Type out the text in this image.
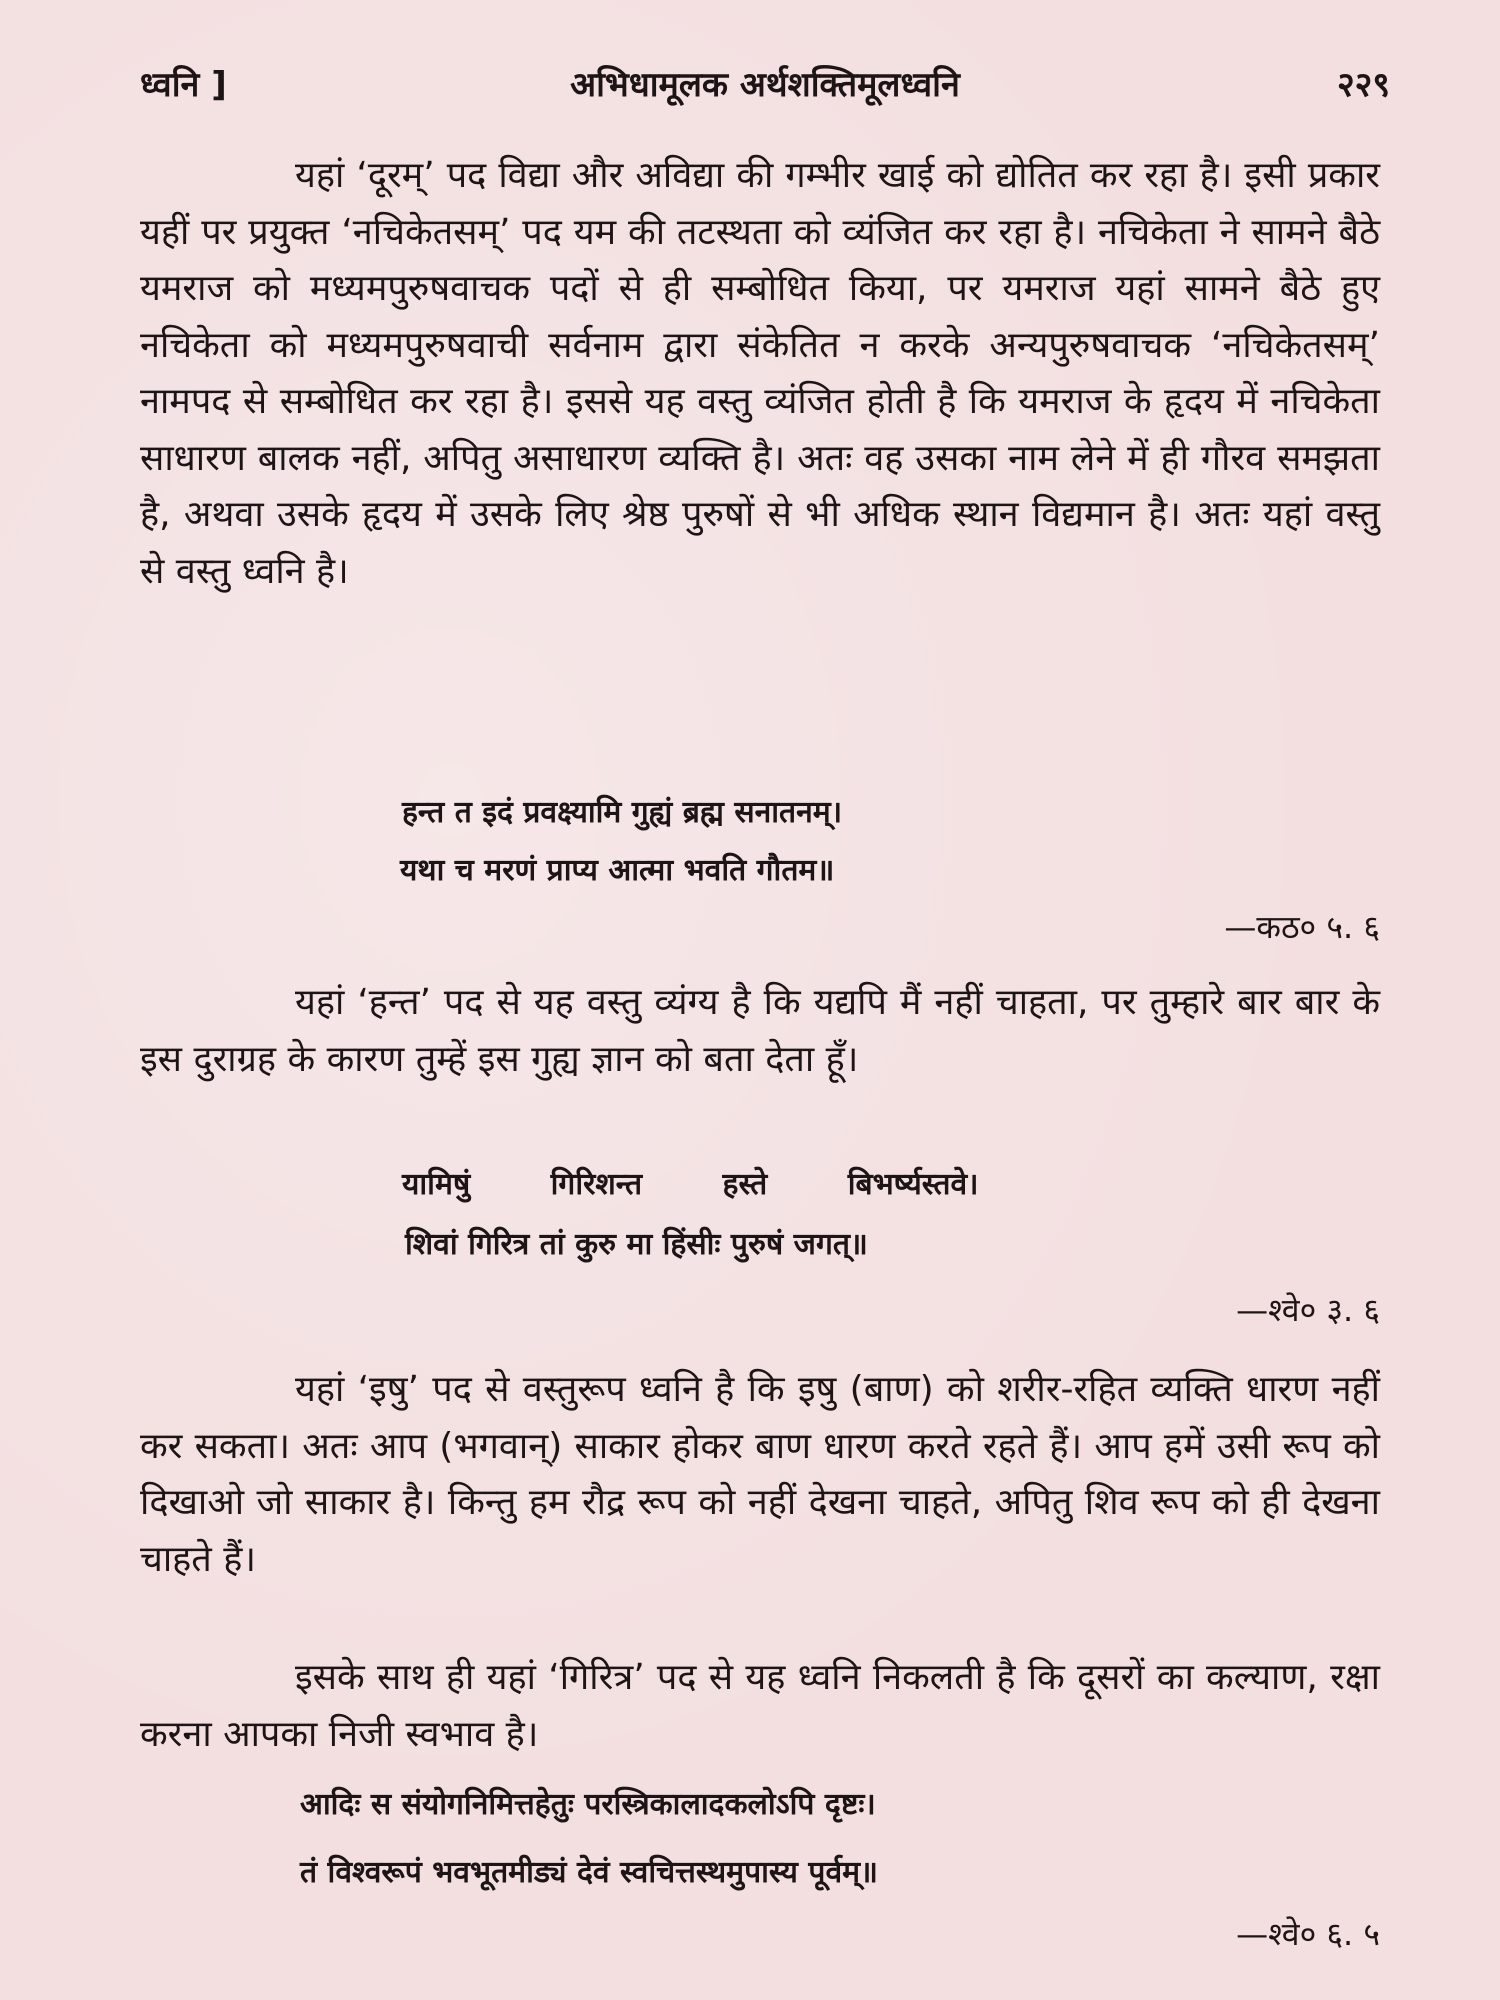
ध्वनि ]	अभिधामूलक अर्थशक्तिमूलध्वनि	२२९

यहां ‘दूरम्’ पद विद्या और अविद्या की गम्भीर खाई को द्योतित कर रहा है। इसी प्रकार यहीं पर प्रयुक्त ‘नचिकेतसम्’ पद यम की तटस्थता को व्यंजित कर रहा है। नचिकेता ने सामने बैठे यमराज को मध्यमपुरुषवाचक पदों से ही सम्बोधित किया, पर यमराज यहां सामने बैठे हुए नचिकेता को मध्यमपुरुषवाची सर्वनाम द्वारा संकेतित न करके अन्यपुरुषवाचक ‘नचिकेतसम्’ नामपद से सम्बोधित कर रहा है। इससे यह वस्तु व्यंजित होती है कि यमराज के हृदय में नचिकेता साधारण बालक नहीं, अपितु असाधारण व्यक्ति है। अतः वह उसका नाम लेने में ही गौरव समझता है, अथवा उसके हृदय में उसके लिए श्रेष्ठ पुरुषों से भी अधिक स्थान विद्यमान है। अतः यहां वस्तु से वस्तु ध्वनि है।

हन्त त इदं प्रवक्ष्यामि गुह्यं ब्रह्म सनातनम्।

यथा च मरणं प्राप्य आत्मा भवति गौतम॥

—कठ० ५. ६

यहां ‘हन्त’ पद से यह वस्तु व्यंग्य है कि यद्यपि मैं नहीं चाहता, पर तुम्हारे बार बार के इस दुराग्रह के कारण तुम्हें इस गुह्य ज्ञान को बता देता हूँ।

यामिषुं गिरिशन्त हस्ते बिभर्ष्यस्तवे।

शिवां गिरित्र तां कुरु मा हिंसीः पुरुषं जगत्॥

—श्वे० ३. ६

यहां ‘इषु’ पद से वस्तुरूप ध्वनि है कि इषु (बाण) को शरीर-रहित व्यक्ति धारण नहीं कर सकता। अतः आप (भगवान्) साकार होकर बाण धारण करते रहते हैं। आप हमें उसी रूप को दिखाओ जो साकार है। किन्तु हम रौद्र रूप को नहीं देखना चाहते, अपितु शिव रूप को ही देखना चाहते हैं।

इसके साथ ही यहां ‘गिरित्र’ पद से यह ध्वनि निकलती है कि दूसरों का कल्याण, रक्षा करना आपका निजी स्वभाव है।

आदिः स संयोगनिमित्तहेतुः परस्त्रिकालादकलोऽपि दृष्टः।

तं विश्वरूपं भवभूतमीड्यं देवं स्वचित्तस्थमुपास्य पूर्वम्॥

—श्वे० ६. ५
